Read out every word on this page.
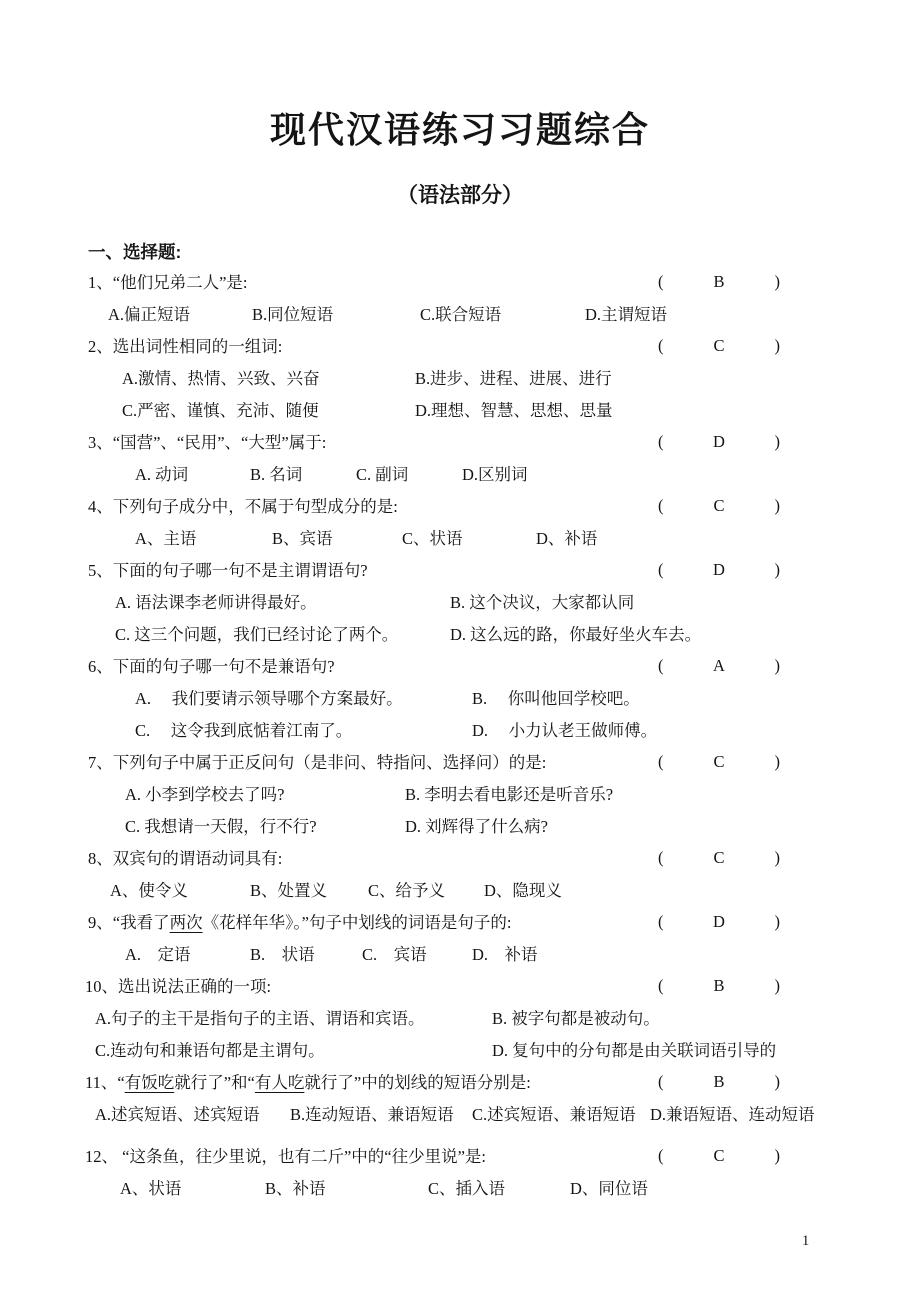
现代汉语练习习题综合
（语法部分）
一、选择题:
1、“他们兄弟二人”是:	(	B	)
A.偏正短语	B.同位短语	C.联合短语	D.主谓短语
2、选出词性相同的一组词:	(	C	)
A.激情、热情、兴致、兴奋	B.进步、进程、进展、进行
C.严密、谨慎、充沛、随便	D.理想、智慧、思想、思量
3、“国营”、“民用”、“大型”属于:	(	D	)
A. 动词	B. 名词	C. 副词	D.区别词
4、下列句子成分中，不属于句型成分的是:	(	C	)
A、主语	B、宾语	C、状语	D、补语
5、下面的句子哪一句不是主谓谓语句?	(	D	)
A. 语法课李老师讲得最好。	B. 这个决议，大家都认同
C. 这三个问题，我们已经讨论了两个。	D. 这么远的路，你最好坐火车去。
6、下面的句子哪一句不是兼语句?	(	A	)
A.　 我们要请示领导哪个方案最好。	B.　 你叫他回学校吧。
C.　 这令我到底惦着江南了。	D.　 小力认老王做师傅。
7、下列句子中属于正反问句（是非问、特指问、选择问）的是:	(	C	)
A. 小李到学校去了吗?	B. 李明去看电影还是听音乐?
C. 我想请一天假，行不行?	D. 刘辉得了什么病?
8、双宾句的谓语动词具有:	(	C	)
A、使令义	B、处置义 C、给予义 D、隐现义
9、“我看了两次《花样年华》。”句子中划线的词语是句子的:	(	D	)
A.　定语	B.　状语	C.　宾语	D.　补语
10、选出说法正确的一项:	(	B	)
A.句子的主干是指句子的主语、谓语和宾语。	B. 被字句都是被动句。
C.连动句和兼语句都是主谓句。	D. 复句中的分句都是由关联词语引导的
11、“有饭吃就行了”和“有人吃就行了”中的划线的短语分别是:	(	B	)
A.述宾短语、述宾短语 B.连动短语、兼语短语 C.述宾短语、兼语短语 D.兼语短语、连动短语
12、 “这条鱼，往少里说，也有二斤”中的“往少里说”是:	(	C	)
A、状语	B、补语	C、插入语	D、同位语
1
